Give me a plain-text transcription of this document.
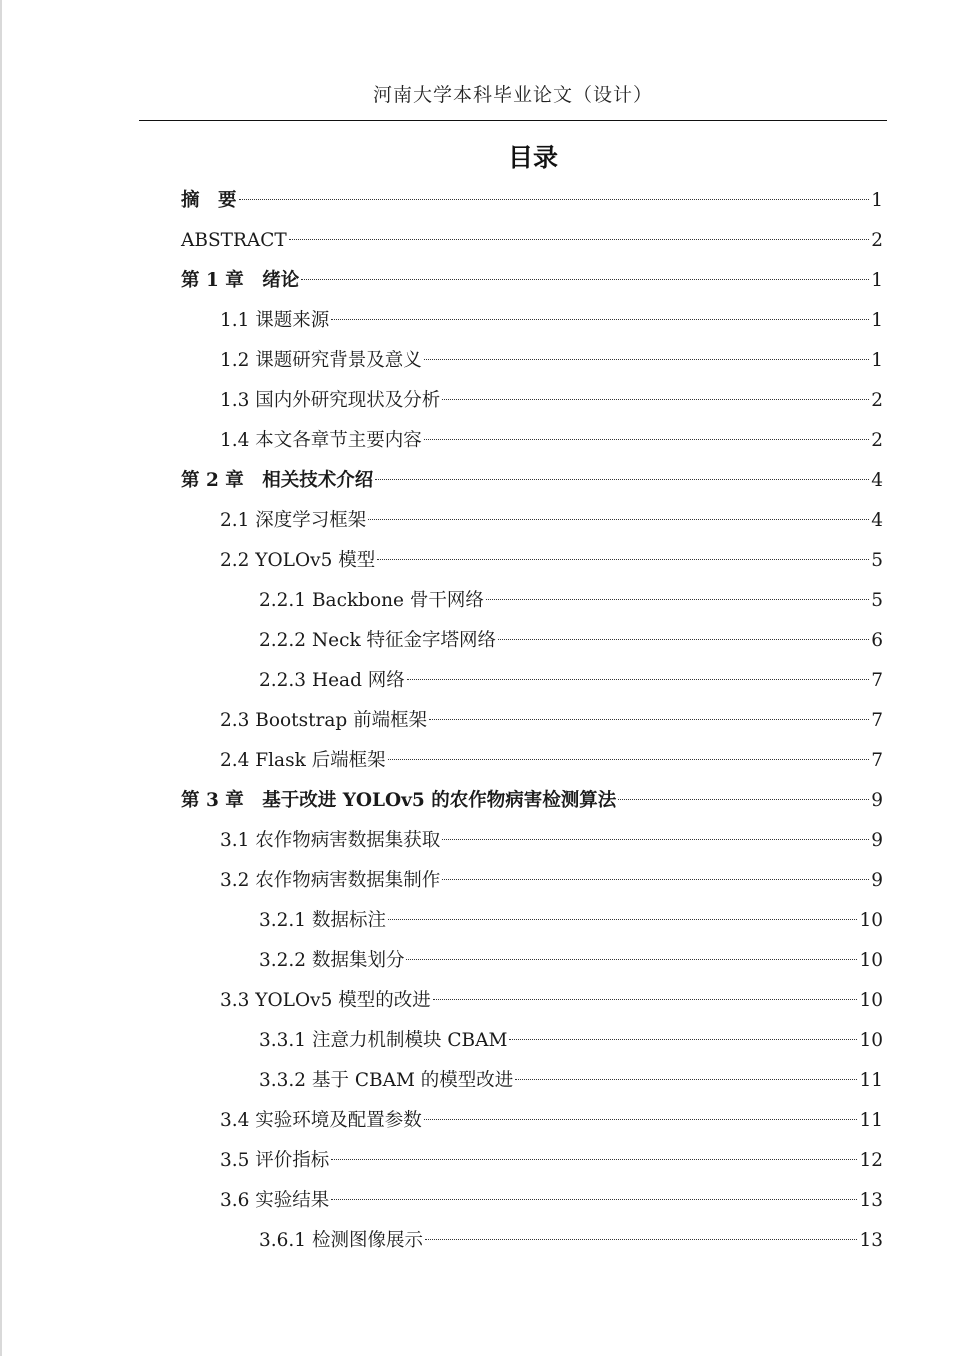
河南大学本科毕业论文（设计）
目录
摘　要	1
ABSTRACT	2
第 1 章　绪论	1
1.1 课题来源	1
1.2 课题研究背景及意义	1
1.3 国内外研究现状及分析	2
1.4 本文各章节主要内容	2
第 2 章　相关技术介绍	4
2.1 深度学习框架	4
2.2 YOLOv5 模型	5
2.2.1 Backbone 骨干网络	5
2.2.2 Neck 特征金字塔网络	6
2.2.3 Head 网络	7
2.3 Bootstrap 前端框架	7
2.4 Flask 后端框架	7
第 3 章　基于改进 YOLOv5 的农作物病害检测算法	9
3.1 农作物病害数据集获取	9
3.2 农作物病害数据集制作	9
3.2.1 数据标注	10
3.2.2 数据集划分	10
3.3 YOLOv5 模型的改进	10
3.3.1 注意力机制模块 CBAM	10
3.3.2 基于 CBAM 的模型改进	11
3.4 实验环境及配置参数	11
3.5 评价指标	12
3.6 实验结果	13
3.6.1 检测图像展示	13
